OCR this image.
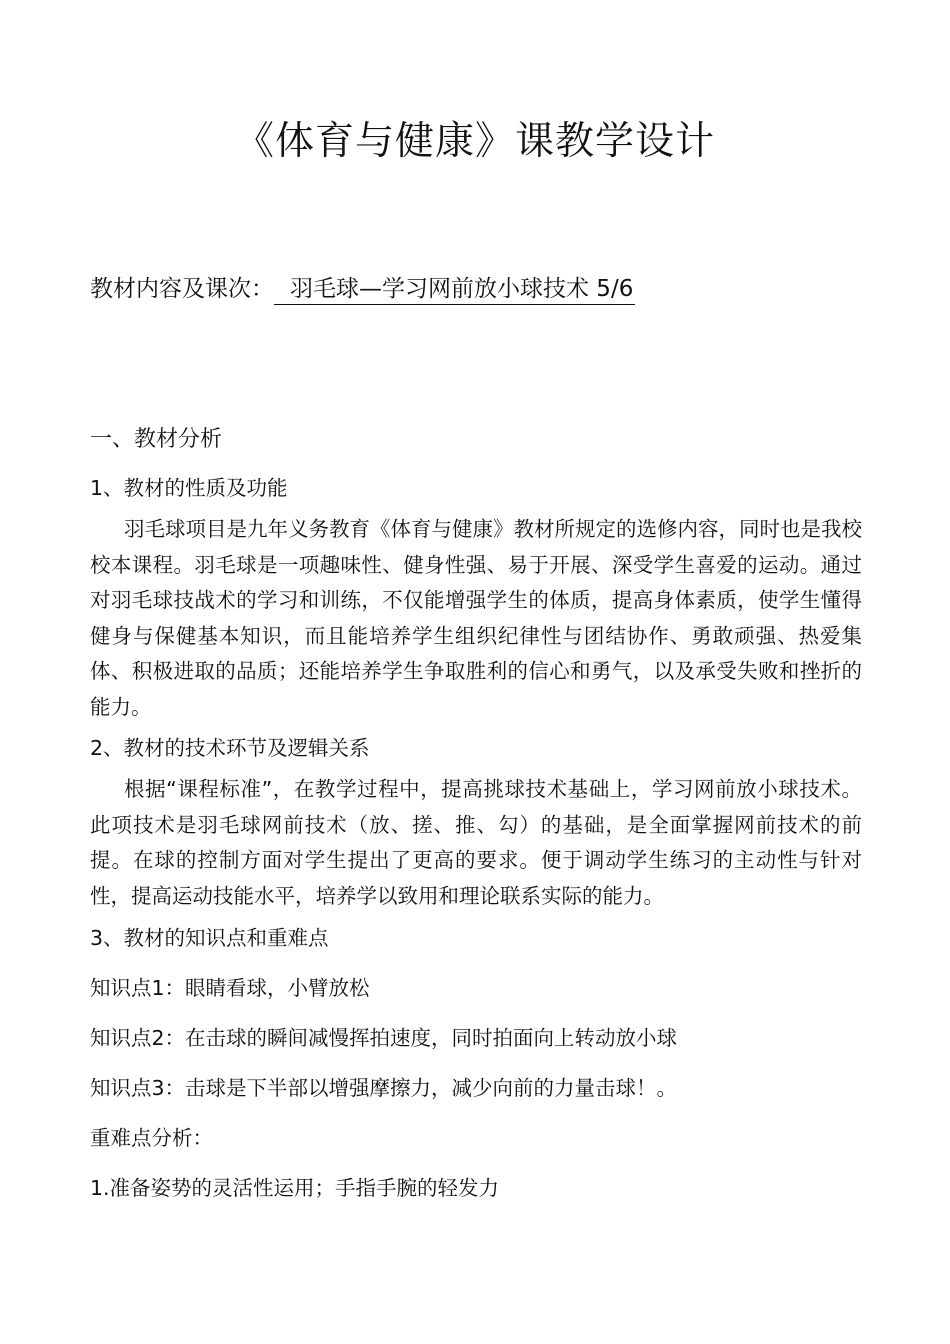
《体育与健康》课教学设计
教材内容及课次： 羽毛球—学习网前放小球技术 5/6
一、教材分析

1、教材的性质及功能

羽毛球项目是九年义务教育《体育与健康》教材所规定的选修内容，同时也是我校校本课程。羽毛球是一项趣味性、健身性强、易于开展、深受学生喜爱的运动。通过对羽毛球技战术的学习和训练，不仅能增强学生的体质，提高身体素质，使学生懂得健身与保健基本知识，而且能培养学生组织纪律性与团结协作、勇敢顽强、热爱集体、积极进取的品质；还能培养学生争取胜利的信心和勇气，以及承受失败和挫折的能力。

2、教材的技术环节及逻辑关系

根据“课程标准”，在教学过程中，提高挑球技术基础上，学习网前放小球技术。此项技术是羽毛球网前技术（放、搓、推、勾）的基础，是全面掌握网前技术的前提。在球的控制方面对学生提出了更高的要求。便于调动学生练习的主动性与针对性，提高运动技能水平，培养学以致用和理论联系实际的能力。

3、教材的知识点和重难点

知识点1：眼睛看球，小臂放松

知识点2：在击球的瞬间减慢挥拍速度，同时拍面向上转动放小球

知识点3：击球是下半部以增强摩擦力，减少向前的力量击球！。

重难点分析：

1.准备姿势的灵活性运用；手指手腕的轻发力
